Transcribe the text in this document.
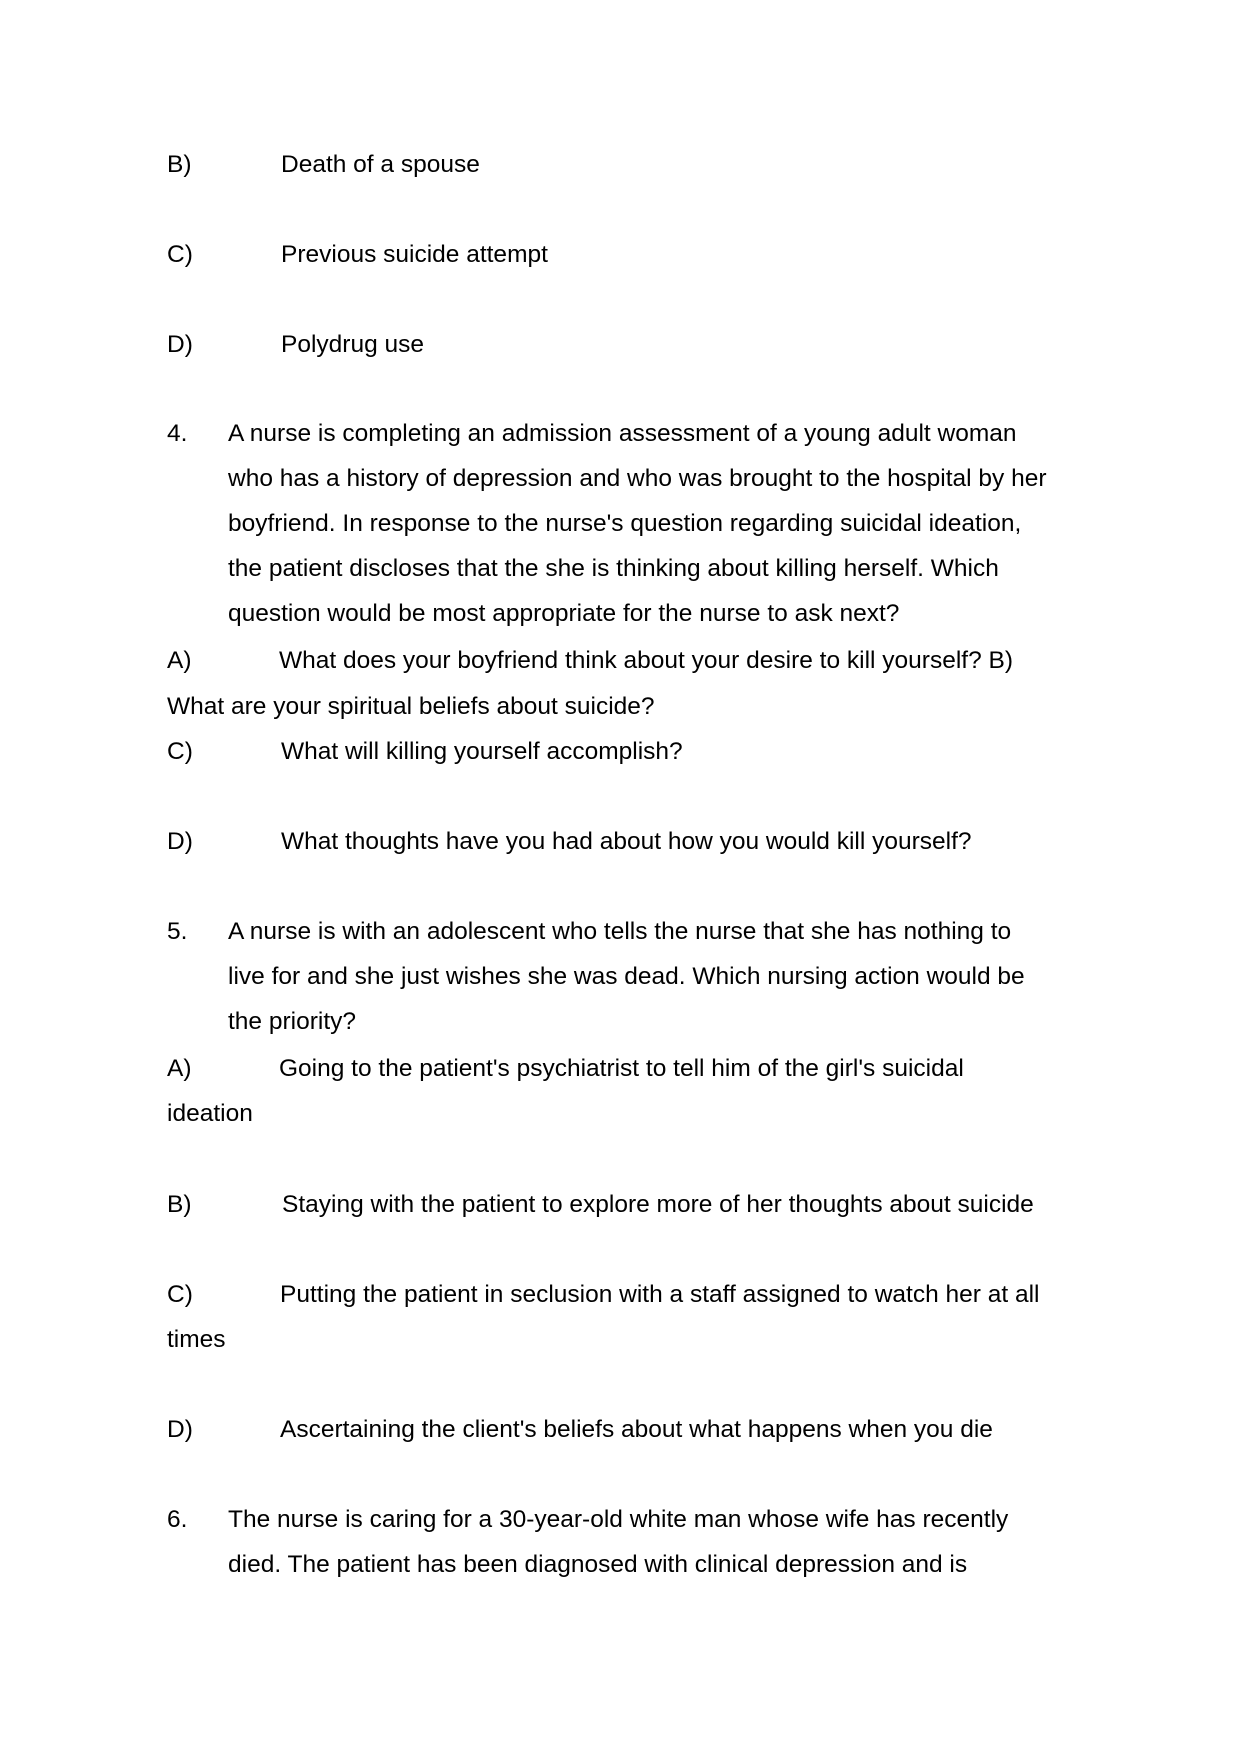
B)	Death of a spouse
C)	Previous suicide attempt
D)	Polydrug use
4. A nurse is completing an admission assessment of a young adult woman
who has a history of depression and who was brought to the hospital by her
boyfriend. In response to the nurse's question regarding suicidal ideation,
the patient discloses that the she is thinking about killing herself. Which
question would be most appropriate for the nurse to ask next?
A)	What does your boyfriend think about your desire to kill yourself? B)
What are your spiritual beliefs about suicide?
C)	What will killing yourself accomplish?
D)	What thoughts have you had about how you would kill yourself?
5. A nurse is with an adolescent who tells the nurse that she has nothing to
live for and she just wishes she was dead. Which nursing action would be
the priority?
A)	Going to the patient's psychiatrist to tell him of the girl's suicidal
ideation
B)	Staying with the patient to explore more of her thoughts about suicide
C)	Putting the patient in seclusion with a staff assigned to watch her at all
times
D)	Ascertaining the client's beliefs about what happens when you die
6. The nurse is caring for a 30-year-old white man whose wife has recently
died. The patient has been diagnosed with clinical depression and is
